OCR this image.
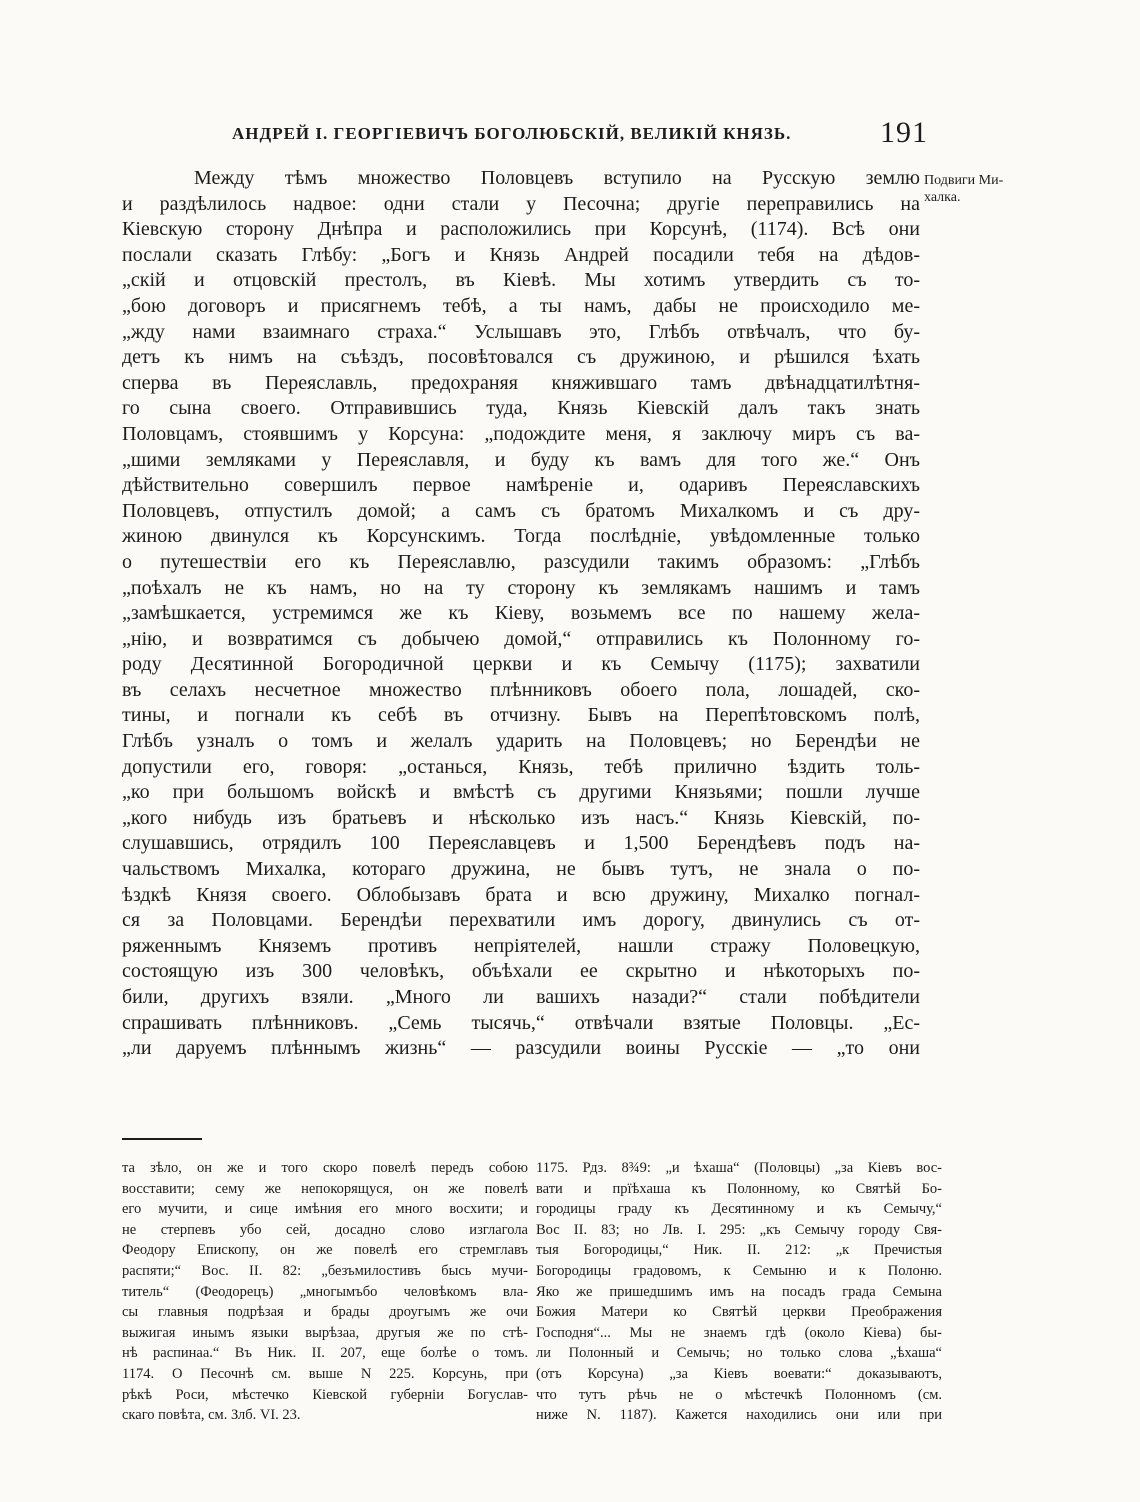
АНДРЕЙ I. ГЕОРГІЕВИЧЪ БОГОЛЮБСКІЙ, ВЕЛИКІЙ КНЯЗЬ.	191
Между тѣмъ множество Половцевъ вступило на Русскую землю
и раздѣлилось надвое: одни стали у Песочна; другіе переправились на
Кіевскую сторону Днѣпра и расположились при Корсунѣ, (1174). Всѣ они
послали сказать Глѣбу: „Богъ и Князь Андрей посадили тебя на дѣдов-
„скій и отцовскій престолъ, въ Кіевѣ. Мы хотимъ утвердить съ то-
„бою договоръ и присягнемъ тебѣ, а ты намъ, дабы не происходило ме-
„жду нами взаимнаго страха.“ Услышавъ это, Глѣбъ отвѣчалъ, что бу-
детъ къ нимъ на съѣздъ, посовѣтовался съ дружиною, и рѣшился ѣхать
сперва въ Переяславль, предохраняя княжившаго тамъ двѣнадцатилѣтня-
го сына своего. Отправившись туда, Князь Кіевскій далъ такъ знать
Половцамъ, стоявшимъ у Корсуна: „подождите меня, я заключу миръ съ ва-
„шими земляками у Переяславля, и буду къ вамъ для того же.“ Онъ
дѣйствительно совершилъ первое намѣреніе и, одаривъ Переяславскихъ
Половцевъ, отпустилъ домой; а самъ съ братомъ Михалкомъ и съ дру-
жиною двинулся къ Корсунскимъ. Тогда послѣдніе, увѣдомленные только
о путешествіи его къ Переяславлю, разсудили такимъ образомъ: „Глѣбъ
„поѣхалъ не къ намъ, но на ту сторону къ землякамъ нашимъ и тамъ
„замѣшкается, устремимся же къ Кіеву, возьмемъ все по нашему жела-
„нію, и возвратимся съ добычею домой,“ отправились къ Полонному го-
роду Десятинной Богородичной церкви и къ Семычу (1175); захватили
въ селахъ несчетное множество плѣнниковъ обоего пола, лошадей, ско-
тины, и погнали къ себѣ въ отчизну. Бывъ на Перепѣтовскомъ полѣ,
Глѣбъ узналъ о томъ и желалъ ударить на Половцевъ; но Берендѣи не
допустили его, говоря: „останься, Князь, тебѣ прилично ѣздить толь-
„ко при большомъ войскѣ и вмѣстѣ съ другими Князьями; пошли лучше
„кого нибудь изъ братьевъ и нѣсколько изъ насъ.“ Князь Кіевскій, по-
слушавшись, отрядилъ 100 Переяславцевъ и 1,500 Берендѣевъ подъ на-
чальствомъ Михалка, котораго дружина, не бывъ тутъ, не знала о по-
ѣздкѣ Князя своего. Облобызавъ брата и всю дружину, Михалко погнал-
ся за Половцами. Берендѣи перехватили имъ дорогу, двинулись съ от-
ряженнымъ Княземъ противъ непріятелей, нашли стражу Половецкую,
состоящую изъ 300 человѣкъ, объѣхали ее скрытно и нѣкоторыхъ по-
били, другихъ взяли. „Много ли вашихъ назади?“ стали побѣдители
спрашивать плѣнниковъ. „Семь тысячь,“ отвѣчали взятые Половцы. „Ес-
„ли даруемъ плѣннымъ жизнь“ — разсудили воины Русскіе — „то они
Подвиги Ми-
халка.
та зѣло, он же и того скоро повелѣ передъ собою
восставити; сему же непокорящуся, он же повелѣ
его мучити, и сице имѣния его много восхити; и
не стерпевъ убо сей, досадно слово изглагола
Феодору Епископу, он же повелѣ его стремглавъ
распяти;“ Вос. II. 82: „безъмилостивъ бысь мучи-
титель“ (Феодорецъ) „многымъбо человѣкомъ вла-
сы главныя подрѣзая и брады дроугымъ же очи
выжигая инымъ языки вырѣзаа, другыя же по стѣ-
нѣ распинаа.“ Въ Ник. II. 207, еще болѣе о томъ.
1174. О Песочнѣ см. выше N 225. Корсунь, при
рѣкѣ Роси, мѣстечко Кіевской губерніи Богуслав-
скаго повѣта, см. Злб. VI. 23.
1175. Рдз. 8¾9: „и ѣхаша“ (Половцы) „за Кіевъ вос-
вати и прїѣхаша къ Полонному, ко Святѣй Бо-
городицы граду къ Десятинному и къ Семычу,“
Вос II. 83; но Лв. I. 295: „къ Семычу городу Свя-
тыя Богородицы,“ Ник. II. 212: „к Пречистыя
Богородицы градовомъ, к Семыню и к Полоню.
Яко же пришедшимъ имъ на посадъ града Семына
Божия Матери ко Святѣй церкви Преображения
Господня“... Мы не знаемъ гдѣ (около Кіева) бы-
ли Полонный и Семычь; но только слова „ѣхаша“
(отъ Корсуна) „за Кіевъ воевати:“ доказываютъ,
что тутъ рѣчь не о мѣстечкѣ Полонномъ (см.
ниже N. 1187). Кажется находились они или при
